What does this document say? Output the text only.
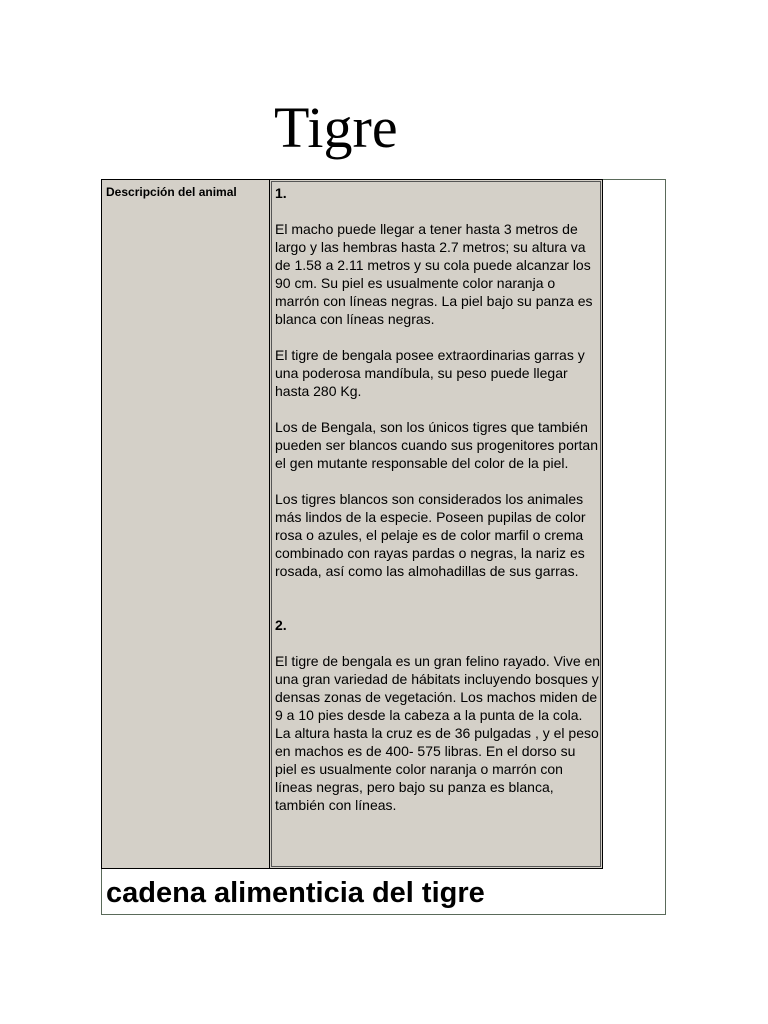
Tigre
Descripción del animal	1.

El macho puede llegar a tener hasta 3 metros de largo y las hembras hasta 2.7 metros; su altura va de 1.58 a 2.11 metros y su cola puede alcanzar los 90 cm. Su piel es usualmente color naranja o marrón con líneas negras. La piel bajo su panza es blanca con líneas negras.

El tigre de bengala posee extraordinarias garras y una poderosa mandíbula, su peso puede llegar hasta 280 Kg.

Los de Bengala, son los únicos tigres que también pueden ser blancos cuando sus progenitores portan el gen mutante responsable del color de la piel.

Los tigres blancos son considerados los animales más lindos de la especie. Poseen pupilas de color rosa o azules, el pelaje es de color marfil o crema combinado con rayas pardas o negras, la nariz es rosada, así como las almohadillas de sus garras.

2.

El tigre de bengala es un gran felino rayado. Vive en una gran variedad de hábitats incluyendo bosques y densas zonas de vegetación. Los machos miden de 9 a 10 pies desde la cabeza a la punta de la cola. La altura hasta la cruz es de 36 pulgadas , y el peso en machos es de 400- 575 libras. En el dorso su piel es usualmente color naranja o marrón con líneas negras, pero bajo su panza es blanca, también con líneas.

cadena alimenticia del tigre
